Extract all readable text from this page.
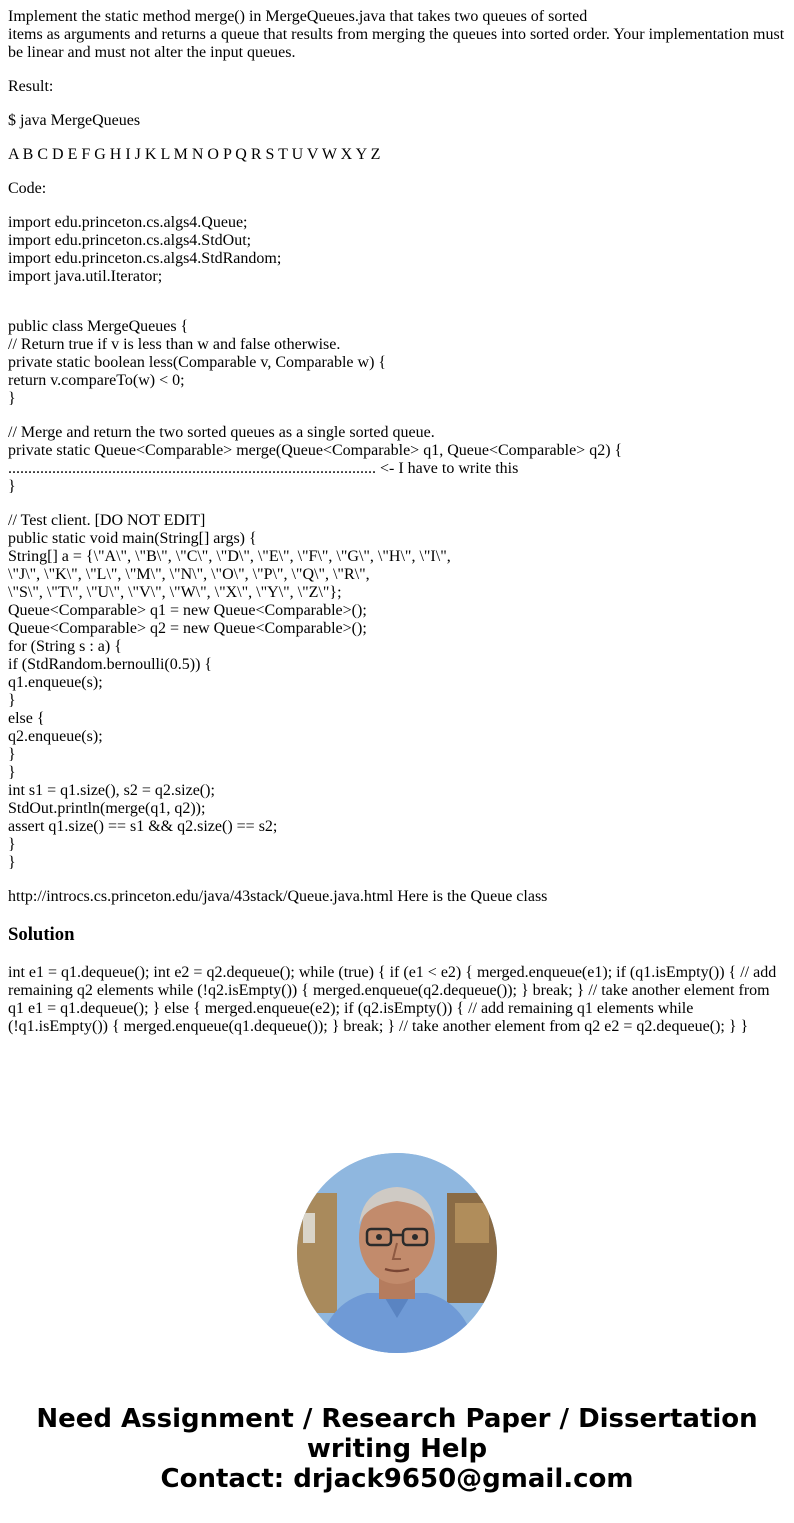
Implement the static method merge() in MergeQueues.java that takes two queues of sorted
items as arguments and returns a queue that results from merging the queues into sorted order. Your implementation must be linear and must not alter the input queues.

Result:

$ java MergeQueues

A B C D E F G H I J K L M N O P Q R S T U V W X Y Z

Code:

import edu.princeton.cs.algs4.Queue;
import edu.princeton.cs.algs4.StdOut;
import edu.princeton.cs.algs4.StdRandom;
import java.util.Iterator;
public class MergeQueues {
// Return true if v is less than w and false otherwise.
private static boolean less(Comparable v, Comparable w) {
return v.compareTo(w) < 0;
}
// Merge and return the two sorted queues as a single sorted queue.
private static Queue<Comparable> merge(Queue<Comparable> q1, Queue<Comparable> q2) {
............................................................................................ <- I have to write this
}
// Test client. [DO NOT EDIT]
public static void main(String[] args) {
String[] a = {\"A\", \"B\", \"C\", \"D\", \"E\", \"F\", \"G\", \"H\", \"I\",
\"J\", \"K\", \"L\", \"M\", \"N\", \"O\", \"P\", \"Q\", \"R\",
\"S\", \"T\", \"U\", \"V\", \"W\", \"X\", \"Y\", \"Z\"};
Queue<Comparable> q1 = new Queue<Comparable>();
Queue<Comparable> q2 = new Queue<Comparable>();
for (String s : a) {
if (StdRandom.bernoulli(0.5)) {
q1.enqueue(s);
}
else {
q2.enqueue(s);
}
}
int s1 = q1.size(), s2 = q2.size();
StdOut.println(merge(q1, q2));
assert q1.size() == s1 && q2.size() == s2;
}
}

http://introcs.cs.princeton.edu/java/43stack/Queue.java.html Here is the Queue class

Solution

int e1 = q1.dequeue(); int e2 = q2.dequeue(); while (true) { if (e1 < e2) { merged.enqueue(e1); if (q1.isEmpty()) { // add remaining q2 elements while (!q2.isEmpty()) { merged.enqueue(q2.dequeue()); } break; } // take another element from q1 e1 = q1.dequeue(); } else { merged.enqueue(e2); if (q2.isEmpty()) { // add remaining q1 elements while (!q1.isEmpty()) { merged.enqueue(q1.dequeue()); } break; } // take another element from q2 e2 = q2.dequeue(); } }

Need Assignment / Research Paper / Dissertation
writing Help
Contact: drjack9650@gmail.com
